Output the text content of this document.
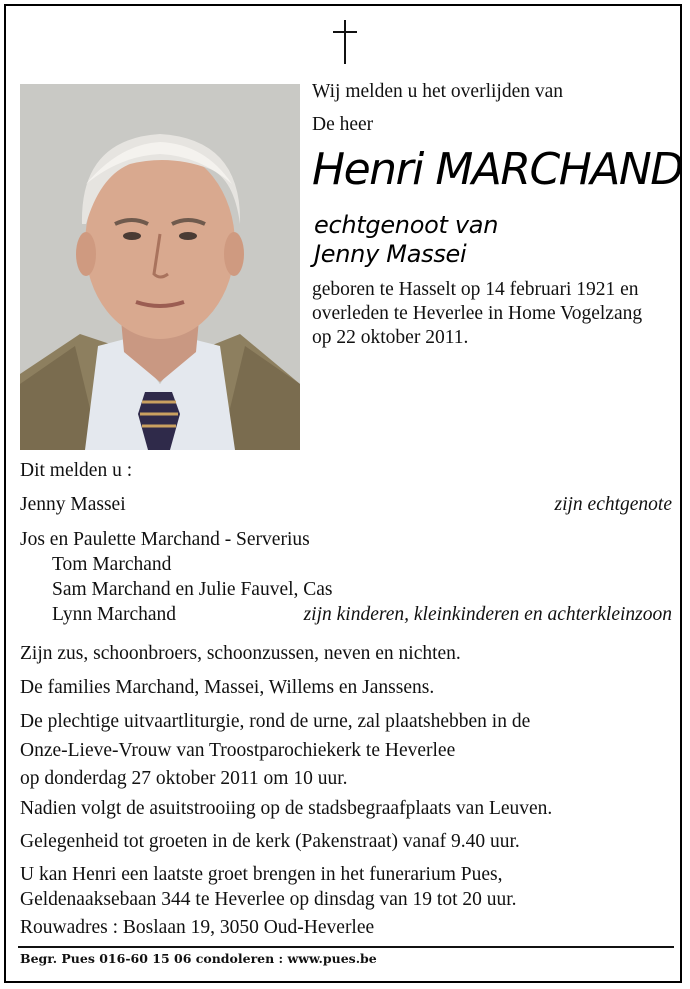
Wij melden u het overlijden van
De heer
Henri MARCHAND
echtgenoot van
Jenny Massei
geboren te Hasselt op 14 februari 1921 en
overleden te Heverlee in Home Vogelzang
op 22 oktober 2011.
Dit melden u :
Jenny Massei	zijn echtgenote
Jos en Paulette Marchand - Serverius
Tom Marchand
Sam Marchand en Julie Fauvel, Cas
Lynn Marchand	zijn kinderen, kleinkinderen en achterkleinzoon
Zijn zus, schoonbroers, schoonzussen, neven en nichten.
De families Marchand, Massei, Willems en Janssens.
De plechtige uitvaartliturgie, rond de urne, zal plaatshebben in de
Onze-Lieve-Vrouw van Troostparochiekerk te Heverlee
op donderdag 27 oktober 2011 om 10 uur.
Nadien volgt de asuitstrooiing op de stadsbegraafplaats van Leuven.
Gelegenheid tot groeten in de kerk (Pakenstraat) vanaf 9.40 uur.
U kan Henri een laatste groet brengen in het funerarium Pues,
Geldenaaksebaan 344 te Heverlee op dinsdag van 19 tot 20 uur.
Rouwadres : Boslaan 19, 3050 Oud-Heverlee
Begr. Pues 016-60 15 06 condoleren : www.pues.be
